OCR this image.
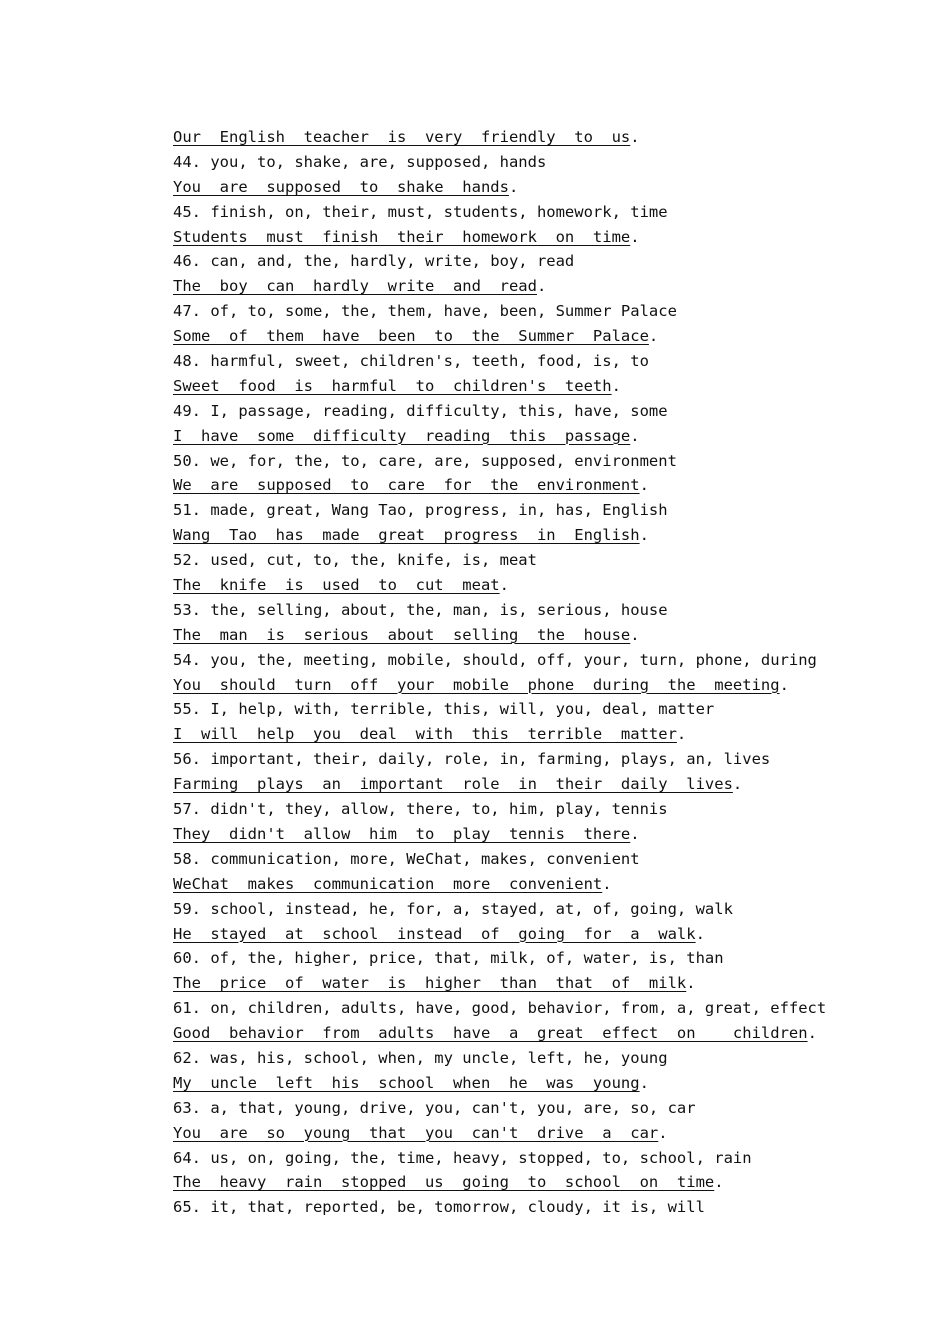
Our  English  teacher  is  very  friendly  to  us.
44. you, to, shake, are, supposed, hands
You  are  supposed  to  shake  hands.
45. finish, on, their, must, students, homework, time
Students  must  finish  their  homework  on  time.
46. can, and, the, hardly, write, boy, read
The  boy  can  hardly  write  and  read.
47. of, to, some, the, them, have, been, Summer Palace
Some  of  them  have  been  to  the  Summer  Palace.
48. harmful, sweet, children's, teeth, food, is, to
Sweet  food  is  harmful  to  children's  teeth.
49. I, passage, reading, difficulty, this, have, some
I  have  some  difficulty  reading  this  passage.
50. we, for, the, to, care, are, supposed, environment
We  are  supposed  to  care  for  the  environment.
51. made, great, Wang Tao, progress, in, has, English
Wang  Tao  has  made  great  progress  in  English.
52. used, cut, to, the, knife, is, meat
The  knife  is  used  to  cut  meat.
53. the, selling, about, the, man, is, serious, house
The  man  is  serious  about  selling  the  house.
54. you, the, meeting, mobile, should, off, your, turn, phone, during
You  should  turn  off  your  mobile  phone  during  the  meeting.
55. I, help, with, terrible, this, will, you, deal, matter
I  will  help  you  deal  with  this  terrible  matter.
56. important, their, daily, role, in, farming, plays, an, lives
Farming  plays  an  important  role  in  their  daily  lives.
57. didn't, they, allow, there, to, him, play, tennis
They  didn't  allow  him  to  play  tennis  there.
58. communication, more, WeChat, makes, convenient
WeChat  makes  communication  more  convenient.
59. school, instead, he, for, a, stayed, at, of, going, walk
He  stayed  at  school  instead  of  going  for  a  walk.
60. of, the, higher, price, that, milk, of, water, is, than
The  price  of  water  is  higher  than  that  of  milk.
61. on, children, adults, have, good, behavior, from, a, great, effect
Good  behavior  from  adults  have  a  great  effect  on    children.
62. was, his, school, when, my uncle, left, he, young
My  uncle  left  his  school  when  he  was  young.
63. a, that, young, drive, you, can't, you, are, so, car
You  are  so  young  that  you  can't  drive  a  car.
64. us, on, going, the, time, heavy, stopped, to, school, rain
The  heavy  rain  stopped  us  going  to  school  on  time.
65. it, that, reported, be, tomorrow, cloudy, it is, will
